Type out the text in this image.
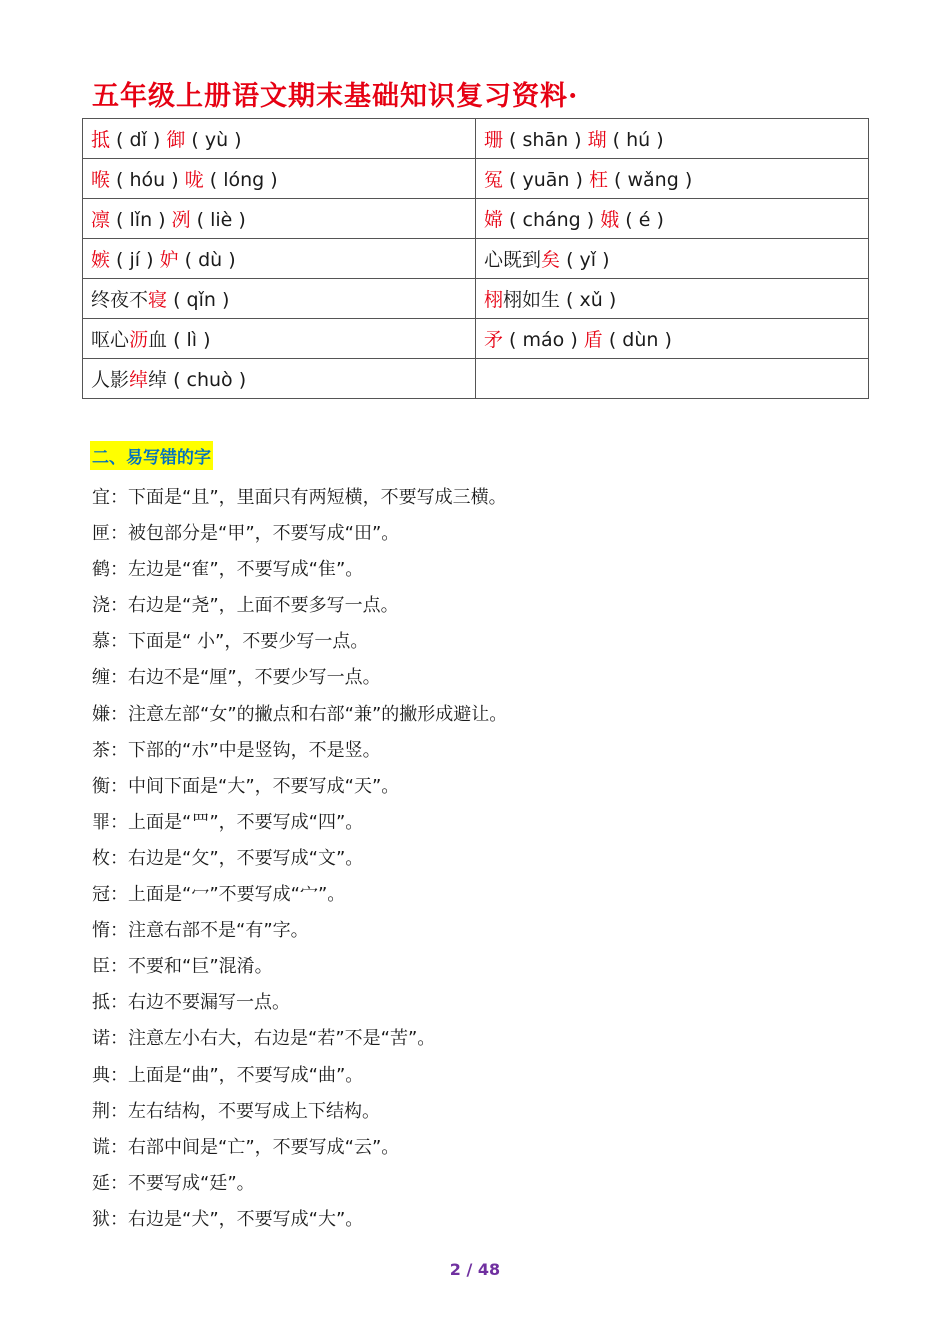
五年级上册语文期末基础知识复习资料·
抵 ( dǐ ) 御 ( yù )	珊 ( shān ) 瑚 ( hú )
喉 ( hóu ) 咙 ( lóng )	冤 ( yuān ) 枉 ( wǎng )
凛 ( lǐn ) 冽 ( liè )	嫦 ( cháng ) 娥 ( é )
嫉 ( jí ) 妒 ( dù )	心既到矣 ( yǐ )
终夜不寝 ( qǐn )	栩栩如生 ( xǔ )
呕心沥血 ( lì )	矛 ( máo ) 盾 ( dùn )
人影绰绰 ( chuò )	
二、易写错的字
宜：下面是“且”，里面只有两短横，不要写成三横。
匣：被包部分是“甲”，不要写成“田”。
鹤：左边是“隺”，不要写成“隹”。
浇：右边是“尧”，上面不要多写一点。
慕：下面是“ 小”，不要少写一点。
缠：右边不是“厘”，不要少写一点。
嫌：注意左部“女”的撇点和右部“兼”的撇形成避让。
茶：下部的“朩”中是竖钩，不是竖。
衡：中间下面是“大”，不要写成“天”。
罪：上面是“罒”，不要写成“四”。
枚：右边是“攵”，不要写成“文”。
冠：上面是“冖”不要写成“宀”。
惰：注意右部不是“有”字。
臣：不要和“巨”混淆。
抵：右边不要漏写一点。
诺：注意左小右大，右边是“若”不是“苦”。
典：上面是“曲”，不要写成“曲”。
荆：左右结构，不要写成上下结构。
谎：右部中间是“亡”，不要写成“云”。
延：不要写成“廷”。
狱：右边是“犬”，不要写成“大”。
2 / 48
